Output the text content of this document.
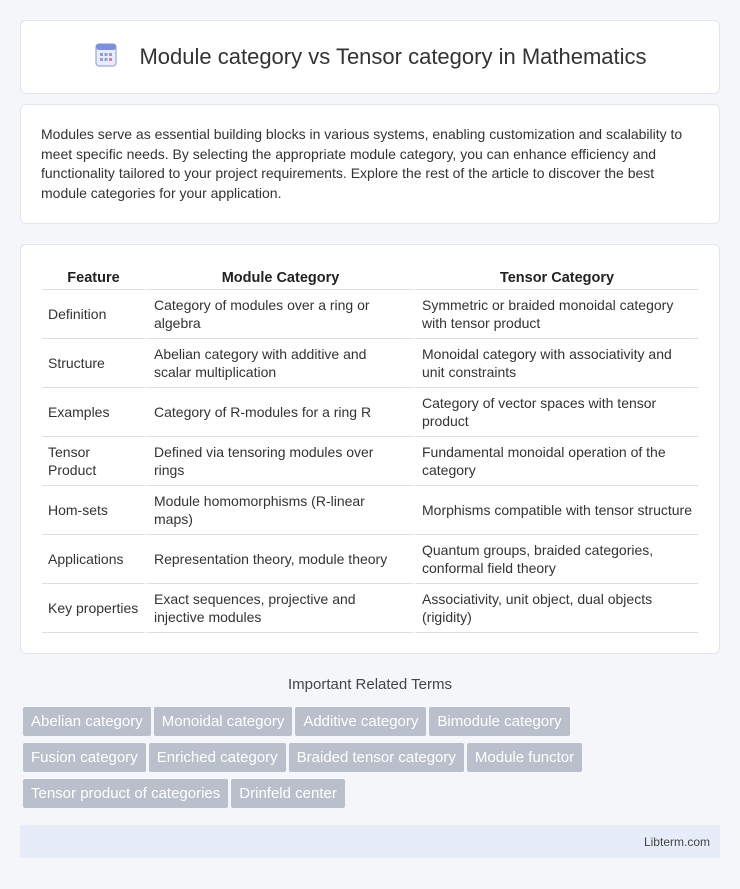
Module category vs Tensor category in Mathematics

Modules serve as essential building blocks in various systems, enabling customization and scalability to meet specific needs. By selecting the appropriate module category, you can enhance efficiency and functionality tailored to your project requirements. Explore the rest of the article to discover the best module categories for your application.

Feature	Module Category	Tensor Category
Definition	Category of modules over a ring or algebra	Symmetric or braided monoidal category with tensor product
Structure	Abelian category with additive and scalar multiplication	Monoidal category with associativity and unit constraints
Examples	Category of R-modules for a ring R	Category of vector spaces with tensor product
Tensor Product	Defined via tensoring modules over rings	Fundamental monoidal operation of the category
Hom-sets	Module homomorphisms (R-linear maps)	Morphisms compatible with tensor structure
Applications	Representation theory, module theory	Quantum groups, braided categories, conformal field theory
Key properties	Exact sequences, projective and injective modules	Associativity, unit object, dual objects (rigidity)
Important Related Terms
Abelian category Monoidal category Additive category Bimodule category
Fusion category Enriched category Braided tensor category Module functor
Tensor product of categories Drinfeld center
Libterm.com
